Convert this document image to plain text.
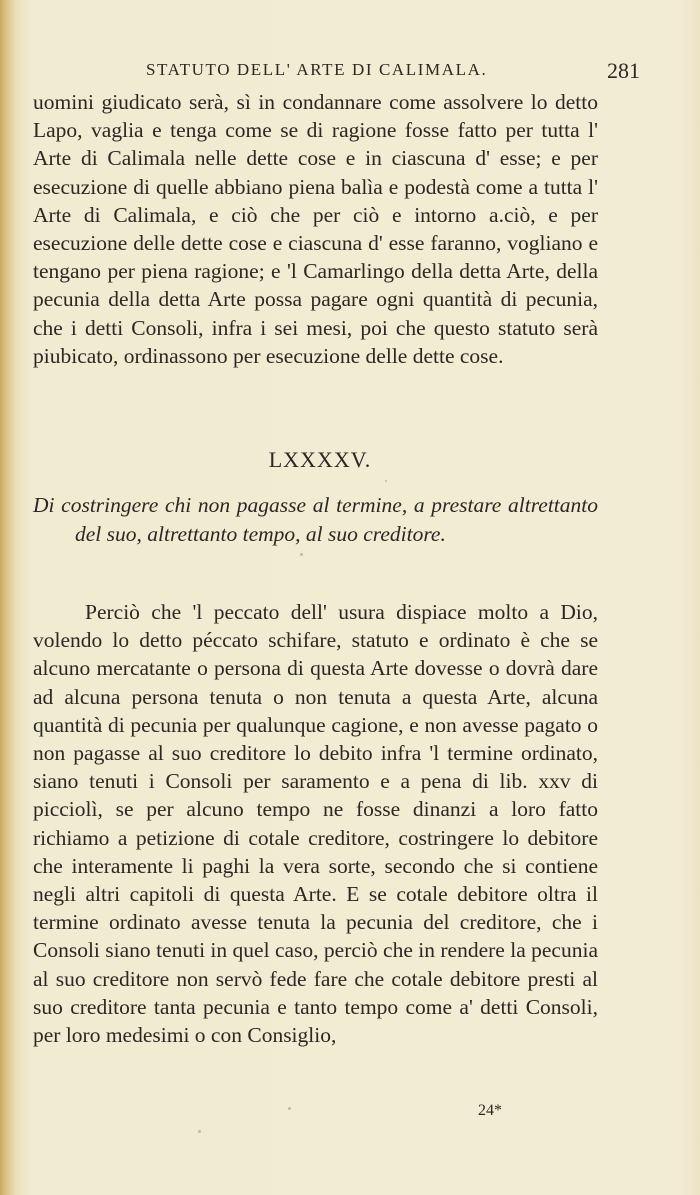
STATUTO DELL' ARTE DI CALIMALA.	281

uomini giudicato serà, sì in condannare come assolvere lo detto Lapo, vaglia e tenga come se di ragione fosse fatto per tutta l' Arte di Calimala nelle dette cose e in ciascuna d' esse; e per esecuzione di quelle abbiano piena balìa e podestà come a tutta l' Arte di Calimala, e ciò che per ciò e intorno a.ciò, e per esecuzione delle dette cose e ciascuna d' esse faranno, vogliano e tengano per piena ragione; e 'l Camarlingo della detta Arte, della pecunia della detta Arte possa pagare ogni quantità di pecunia, che i detti Consoli, infra i sei mesi, poi che questo statuto serà piubicato, ordinassono per esecuzione delle dette cose.

LXXXXV.
Di costringere chi non pagasse al termine, a prestare altrettanto del suo, altrettanto tempo, al suo creditore.

Perciò che 'l peccato dell' usura dispiace molto a Dio, volendo lo detto péccato schifare, statuto e ordinato è che se alcuno mercatante o persona di questa Arte dovesse o dovrà dare ad alcuna persona tenuta o non tenuta a questa Arte, alcuna quantità di pecunia per qualunque cagione, e non avesse pagato o non pagasse al suo creditore lo debito infra 'l termine ordinato, siano tenuti i Consoli per saramento e a pena di lib. xxv di picciolì, se per alcuno tempo ne fosse dinanzi a loro fatto richiamo a petizione di cotale creditore, costringere lo debitore che interamente li paghi la vera sorte, secondo che si contiene negli altri capitoli di questa Arte. E se cotale debitore oltra il termine ordinato avesse tenuta la pecunia del creditore, che i Consoli siano tenuti in quel caso, perciò che in rendere la pecunia al suo creditore non servò fede fare che cotale debitore presti al suo creditore tanta pecunia e tanto tempo come a' detti Consoli, per loro medesimi o con Consiglio,

24*
